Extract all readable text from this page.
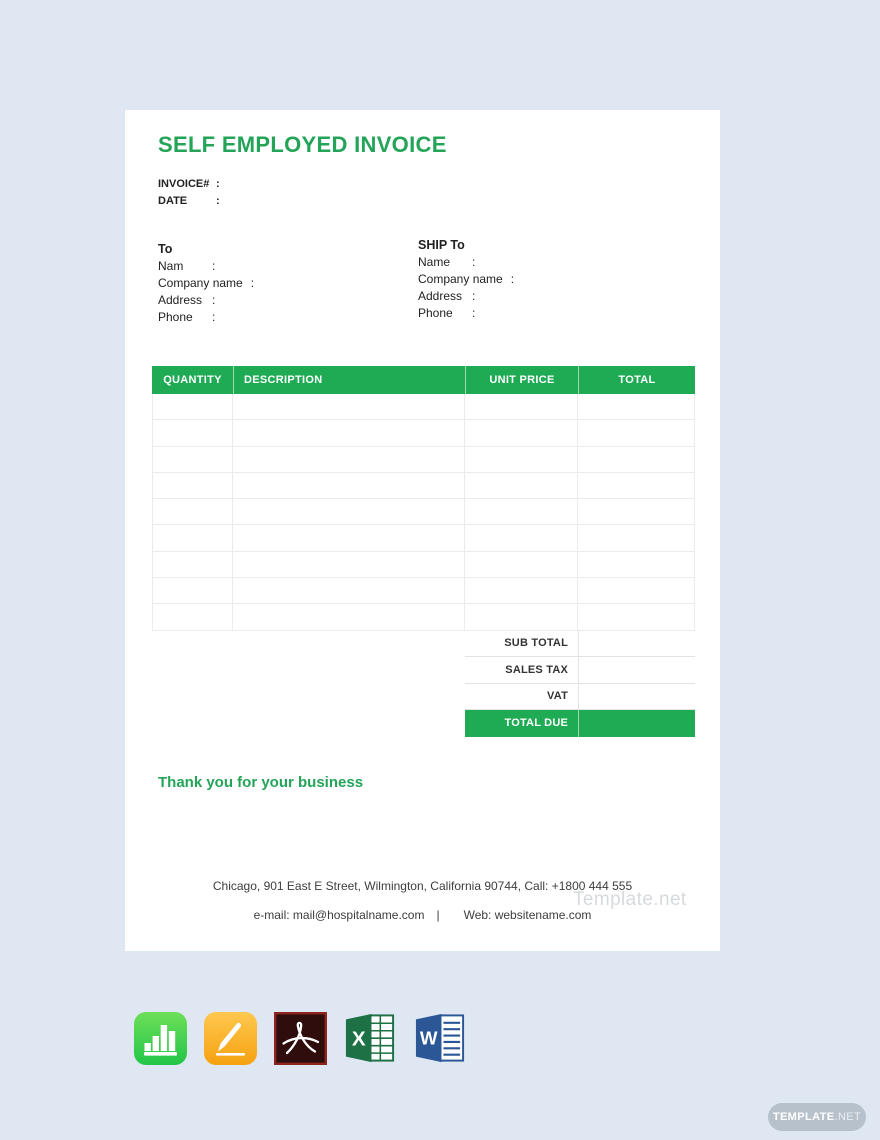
SELF EMPLOYED INVOICE
INVOICE# :
DATE	:
To
Nam	:
Company name :
Address :
Phone	:
SHIP To
Name	:
Company name :
Address :
Phone	:
QUANTITY	DESCRIPTION	UNIT PRICE	TOTAL
SUB TOTAL
SALES TAX
VAT
TOTAL DUE
Thank you for your business
Chicago, 901 East E Street, Wilmington, California 90744, Call: +1800 444 555
e-mail: mail@hospitalname.com | Web: websitename.com
Template.net
X	W
TEMPLATE .NET
